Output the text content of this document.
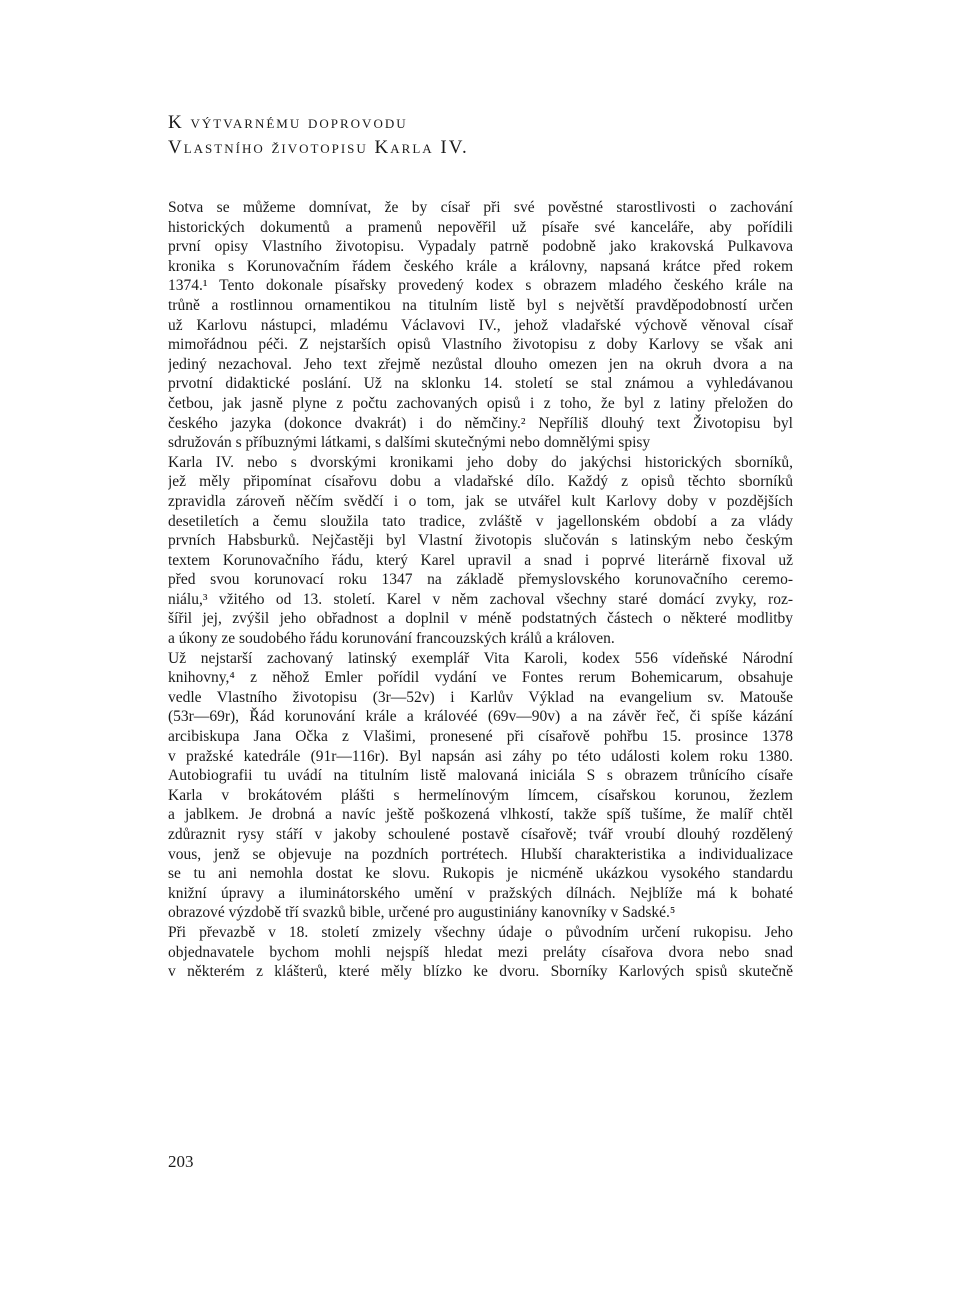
K výtvarnému doprovodu
Vlastního životopisu Karla IV.
Sotva se můžeme domnívat, že by císař při své pověstné starostlivosti o zachování
historických dokumentů a pramenů nepověřil už písaře své kanceláře, aby pořídili
první opisy Vlastního životopisu. Vypadaly patrně podobně jako krakovská Pulkavova
kronika s Korunovačním řádem českého krále a královny, napsaná krátce před rokem
1374.¹ Tento dokonale písařsky provedený kodex s obrazem mladého českého krále na
trůně a rostlinnou ornamentikou na titulním listě byl s největší pravděpodobností určen
už Karlovu nástupci, mladému Václavovi IV., jehož vladařské výchově věnoval císař
mimořádnou péči. Z nejstarších opisů Vlastního životopisu z doby Karlovy se však ani
jediný nezachoval. Jeho text zřejmě nezůstal dlouho omezen jen na okruh dvora a na
prvotní didaktické poslání. Už na sklonku 14. století se stal známou a vyhledávanou
četbou, jak jasně plyne z počtu zachovaných opisů i z toho, že byl z latiny přeložen do
českého jazyka (dokonce dvakrát) i do němčiny.² Nepříliš dlouhý text Životopisu byl
sdružován s příbuznými látkami, s dalšími skutečnými nebo domnělými spisy
Karla IV. nebo s dvorskými kronikami jeho doby do jakýchsi historických sborníků,
jež měly připomínat císařovu dobu a vladařské dílo. Každý z opisů těchto sborníků
zpravidla zároveň něčím svědčí i o tom, jak se utvářel kult Karlovy doby v pozdějších
desetiletích a čemu sloužila tato tradice, zvláště v jagellonském období a za vlády
prvních Habsburků. Nejčastěji byl Vlastní životopis slučován s latinským nebo českým
textem Korunovačního řádu, který Karel upravil a snad i poprvé literárně fixoval už
před svou korunovací roku 1347 na základě přemyslovského korunovačního ceremo-
niálu,³ vžitého od 13. století. Karel v něm zachoval všechny staré domácí zvyky, roz-
šířil jej, zvýšil jeho obřadnost a doplnil v méně podstatných částech o některé modlitby
a úkony ze soudobého řádu korunování francouzských králů a královen.
Už nejstarší zachovaný latinský exemplář Vita Karoli, kodex 556 vídeňské Národní
knihovny,⁴ z něhož Emler pořídil vydání ve Fontes rerum Bohemicarum, obsahuje
vedle Vlastního životopisu (3r—52v) i Karlův Výklad na evangelium sv. Matouše
(53r—69r), Řád korunování krále a královéé (69v—90v) a na závěr řeč, či spíše kázání
arcibiskupa Jana Očka z Vlašimi, pronesené při císařově pohřbu 15. prosince 1378
v pražské katedrále (91r—116r). Byl napsán asi záhy po této události kolem roku 1380.
Autobiografii tu uvádí na titulním listě malovaná iniciála S s obrazem trůnícího císaře
Karla v brokátovém plášti s hermelínovým límcem, císařskou korunou, žezlem
a jablkem. Je drobná a navíc ještě poškozená vlhkostí, takže spíš tušíme, že malíř chtěl
zdůraznit rysy stáří v jakoby schoulené postavě císařově; tvář vroubí dlouhý rozdělený
vous, jenž se objevuje na pozdních portrétech. Hlubší charakteristika a individualizace
se tu ani nemohla dostat ke slovu. Rukopis je nicméně ukázkou vysokého standardu
knižní úpravy a iluminátorského umění v pražských dílnách. Nejblíže má k bohaté
obrazové výzdobě tří svazků bible, určené pro augustiniány kanovníky v Sadské.⁵
Při převazbě v 18. století zmizely všechny údaje o původním určení rukopisu. Jeho
objednavatele bychom mohli nejspíš hledat mezi preláty císařova dvora nebo snad
v některém z klášterů, které měly blízko ke dvoru. Sborníky Karlových spisů skutečně
203
